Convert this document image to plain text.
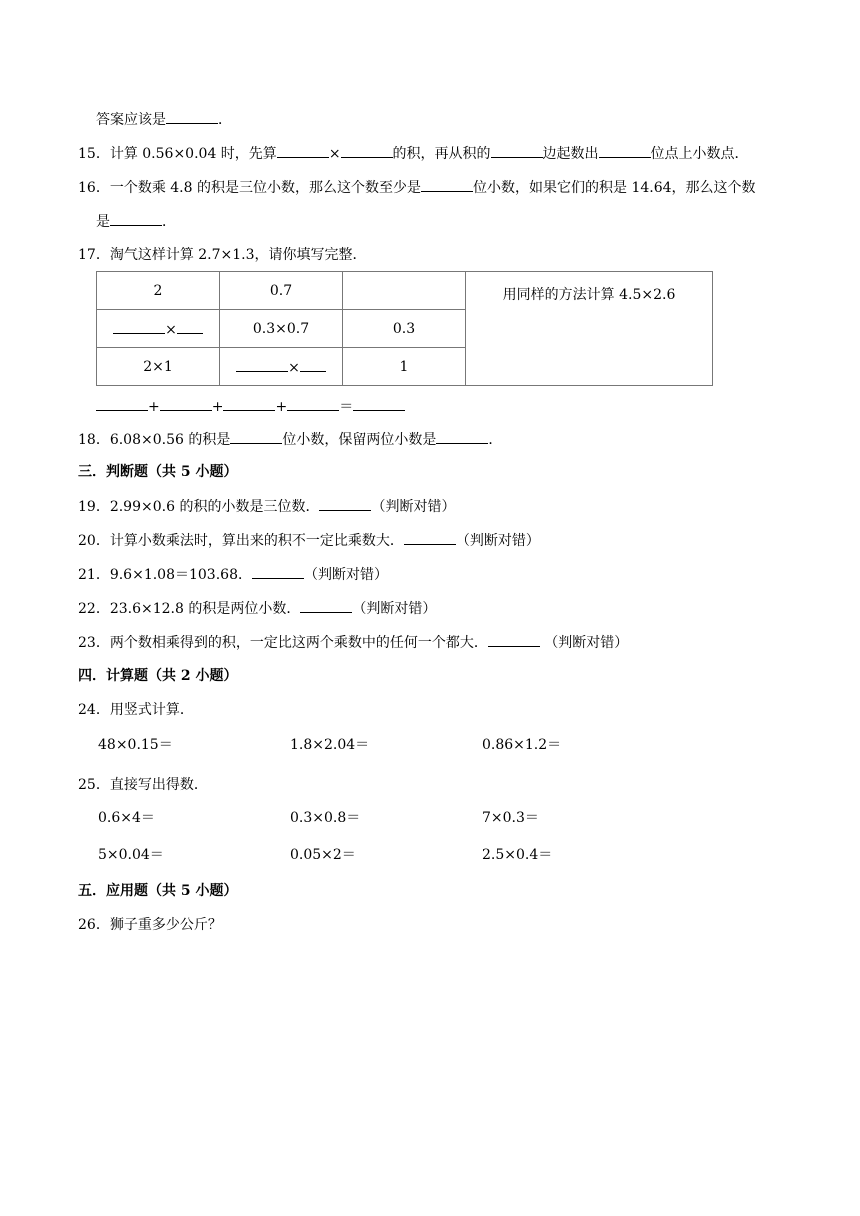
答案应该是	．
15．计算 0.56×0.04 时，先算	×	的积，再从积的	边起数出	位点上小数点．
16．一个数乘 4.8 的积是三位小数，那么这个数至少是	位小数，如果它们的积是 14.64，那么这个数
是	．
17．淘气这样计算 2.7×1.3，请你填写完整．
2	0.7		用同样的方法计算 4.5×2.6
×	0.3×0.7	0.3	
2×1	×	1	
+	+	+	＝
18．6.08×0.56 的积是	位小数，保留两位小数是	．
三．判断题（共 5 小题）
19．2.99×0.6 的积的小数是三位数．	（判断对错）
20．计算小数乘法时，算出来的积不一定比乘数大．	（判断对错）
21．9.6×1.08＝103.68．	（判断对错）
22．23.6×12.8 的积是两位小数．	（判断对错）
23．两个数相乘得到的积，一定比这两个乘数中的任何一个都大．	（判断对错）
四．计算题（共 2 小题）
24．用竖式计算．
48×0.15＝	1.8×2.04＝	0.86×1.2＝
25．直接写出得数．
0.6×4＝	0.3×0.8＝	7×0.3＝
5×0.04＝	0.05×2＝	2.5×0.4＝
五．应用题（共 5 小题）
26．狮子重多少公斤？
